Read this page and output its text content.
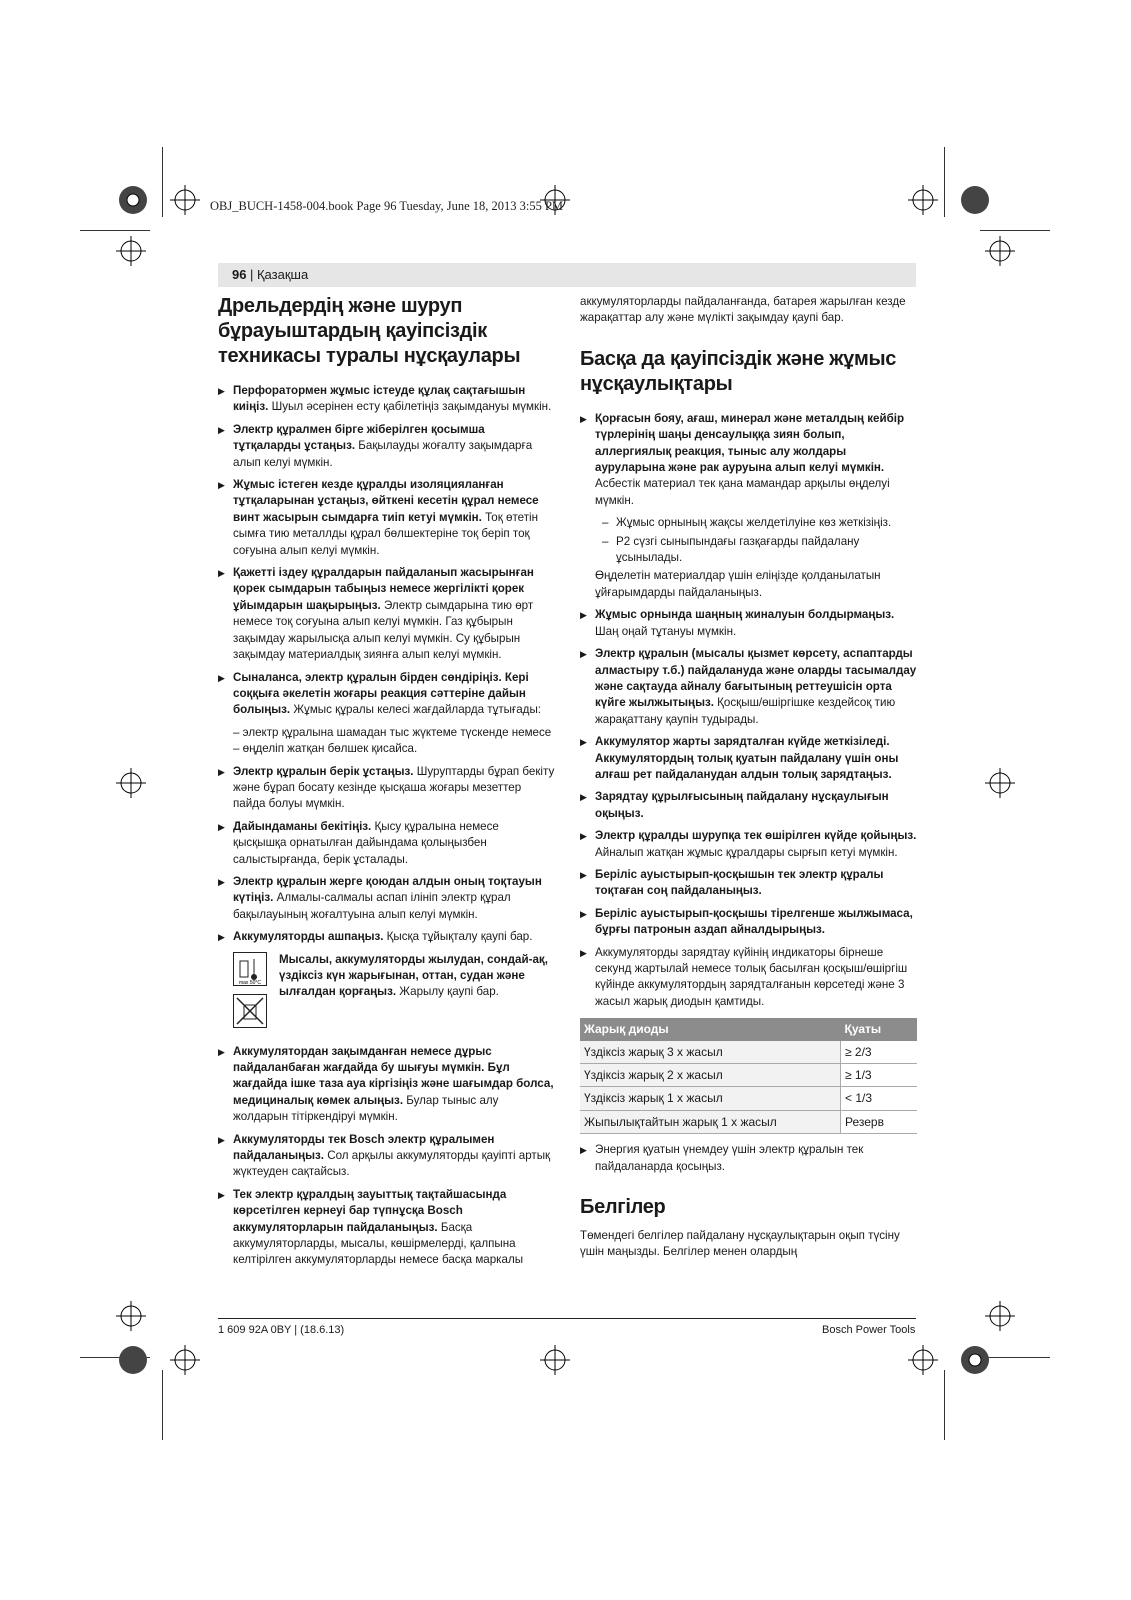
OBJ_BUCH-1458-004.book Page 96 Tuesday, June 18, 2013 3:55 PM
96 | Қазақша
Дрельдердің және шуруп бұрауыштардың қауіпсіздік техникасы туралы нұсқаулары
▶ Перфоратормен жұмыс істеуде құлақ сақтағышын киіңіз. Шуыл әсерінен есту қабілетіңіз зақымдануы мүмкін.
▶ Электр құралмен бірге жіберілген қосымша тұтқаларды ұстаңыз. Бақылауды жоғалту зақымдарға алып келуі мүмкін.
▶ Жұмыс істеген кезде құралды изоляцияланған тұтқаларынан ұстаңыз, өйткені кесетін құрал немесе винт жасырын сымдарға тиіп кетуі мүмкін. Тоқ өтетін сымға тию металлды құрал бөлшектеріне тоқ беріп тоқ соғуына алып келуі мүмкін.
▶ Қажетті іздеу құралдарын пайдаланып жасырынған қорек сымдарын табыңыз немесе жергілікті қорек ұйымдарын шақырыңыз. Электр сымдарына тию өрт немесе тоқ соғуына алып келуі мүмкін. Газ құбырын зақымдау жарылысқа алып келуі мүмкін. Су құбырын зақымдау материалдық зиянға алып келуі мүмкін.
▶ Сыналанса, электр құралын бірден сөндіріңіз. Кері соққыға әкелетін жоғары реакция сәттеріне дайын болыңыз. Жұмыс құралы келесі жағдайларда тұтығады:
– электр құралына шамадан тыс жүктеме түскенде немесе
– өңделіп жатқан бөлшек қисайса.
▶ Электр құралын берік ұстаңыз. Шуруптарды бұрап бекіту және бұрап босату кезінде қысқаша жоғары мезеттер пайда болуы мүмкін.
▶ Дайындаманы бекітіңіз. Қысу құралына немесе қысқышқа орнатылған дайындама қолыңызбен салыстырғанда, берік ұсталады.
▶ Электр құралын жерге қоюдан алдын оның тоқтауын күтіңіз. Алмалы-салмалы аспап ілініп электр құрал бақылауының жоғалтуына алып келуі мүмкін.
▶ Аккумуляторды ашпаңыз. Қысқа тұйықталу қаупі бар.
max 50°C
Мысалы, аккумуляторды жылудан, сондай-ақ, үздіксіз күн жарығынан, оттан, судан және ылғалдан қорғаңыз. Жарылу қаупі бар.
▶ Аккумулятордан зақымданған немесе дұрыс пайдаланбаған жағдайда бу шығуы мүмкін. Бұл жағдайда ішке таза ауа кіргізіңіз және шағымдар болса, медициналық көмек алыңыз. Булар тыныс алу жолдарын тітіркендіруі мүмкін.
▶ Аккумуляторды тек Bosch электр құралымен пайдаланыңыз. Сол арқылы аккумуляторды қауіпті артық жүктеуден сақтайсыз.
▶ Тек электр құралдың зауыттық тақтайшасында көрсетілген кернеуі бар түпнұсқа Bosch аккумуляторларын пайдаланыңыз. Басқа аккумуляторларды, мысалы, көшірмелерді, қалпына келтірілген аккумуляторларды немесе басқа маркалы
аккумуляторларды пайдаланғанда, батарея жарылған кезде жарақаттар алу және мүлікті зақымдау қаупі бар.
Басқа да қауіпсіздік және жұмыс нұсқаулықтары
▶ Қорғасын бояу, ағаш, минерал және металдың кейбір түрлерінің шаңы денсаулыққа зиян болып, аллергиялық реакция, тыныс алу жолдары ауруларына және рак ауруына алып келуі мүмкін. Асбестік материал тек қана мамандар арқылы өңделуі мүмкін.
– Жұмыс орнының жақсы желдетілуіне көз жеткізіңіз.
– P2 сүзгі сыныпындағы газқағарды пайдалану ұсынылады.
Өңделетін материалдар үшін еліңізде қолданылатын ұйғарымдарды пайдаланыңыз.
▶ Жұмыс орнында шаңның жиналуын болдырмаңыз. Шаң оңай тұтануы мүмкін.
▶ Электр құралын (мысалы қызмет көрсету, аспаптарды алмастыру т.б.) пайдалануда және оларды тасымалдау және сақтауда айналу бағытының реттеушісін орта күйге жылжытыңыз. Қосқыш/өшіргішке кездейсоқ тию жарақаттану қаупін тудырады.
▶ Аккумулятор жарты зарядталған күйде жеткізіледі. Аккумулятордың толық қуатын пайдалану үшін оны алғаш рет пайдаланудан алдын толық зарядтаңыз.
▶ Зарядтау құрылғысының пайдалану нұсқаулығын оқыңыз.
▶ Электр құралды шурупқа тек өшірілген күйде қойыңыз. Айналып жатқан жұмыс құралдары сырғып кетуі мүмкін.
▶ Беріліс ауыстырып-қосқышын тек электр құралы тоқтаған соң пайдаланыңыз.
▶ Беріліс ауыстырып-қосқышы тірелгенше жылжымаса, бұрғы патронын аздап айналдырыңыз.
▶ Аккумуляторды зарядтау күйінің индикаторы бірнеше секунд жартылай немесе толық басылған қосқыш/өшіргіш күйінде аккумулятордың зарядталғанын көрсетеді және 3 жасыл жарық диодын қамтиды.
Жарық диоды	Қуаты
Үздіксіз жарық 3 х жасыл	≥ 2/3
Үздіксіз жарық 2 х жасыл	≥ 1/3
Үздіксіз жарық 1 х жасыл	< 1/3
Жыпылықтайтын жарық 1 х жасыл	Резерв
▶ Энергия қуатын үнемдеу үшін электр құралын тек пайдаланарда қосыңыз.
Белгілер
Төмендегі белгілер пайдалану нұсқаулықтарын оқып түсіну үшін маңызды. Белгілер менен олардың
1 609 92A 0BY | (18.6.13)	Bosch Power Tools
